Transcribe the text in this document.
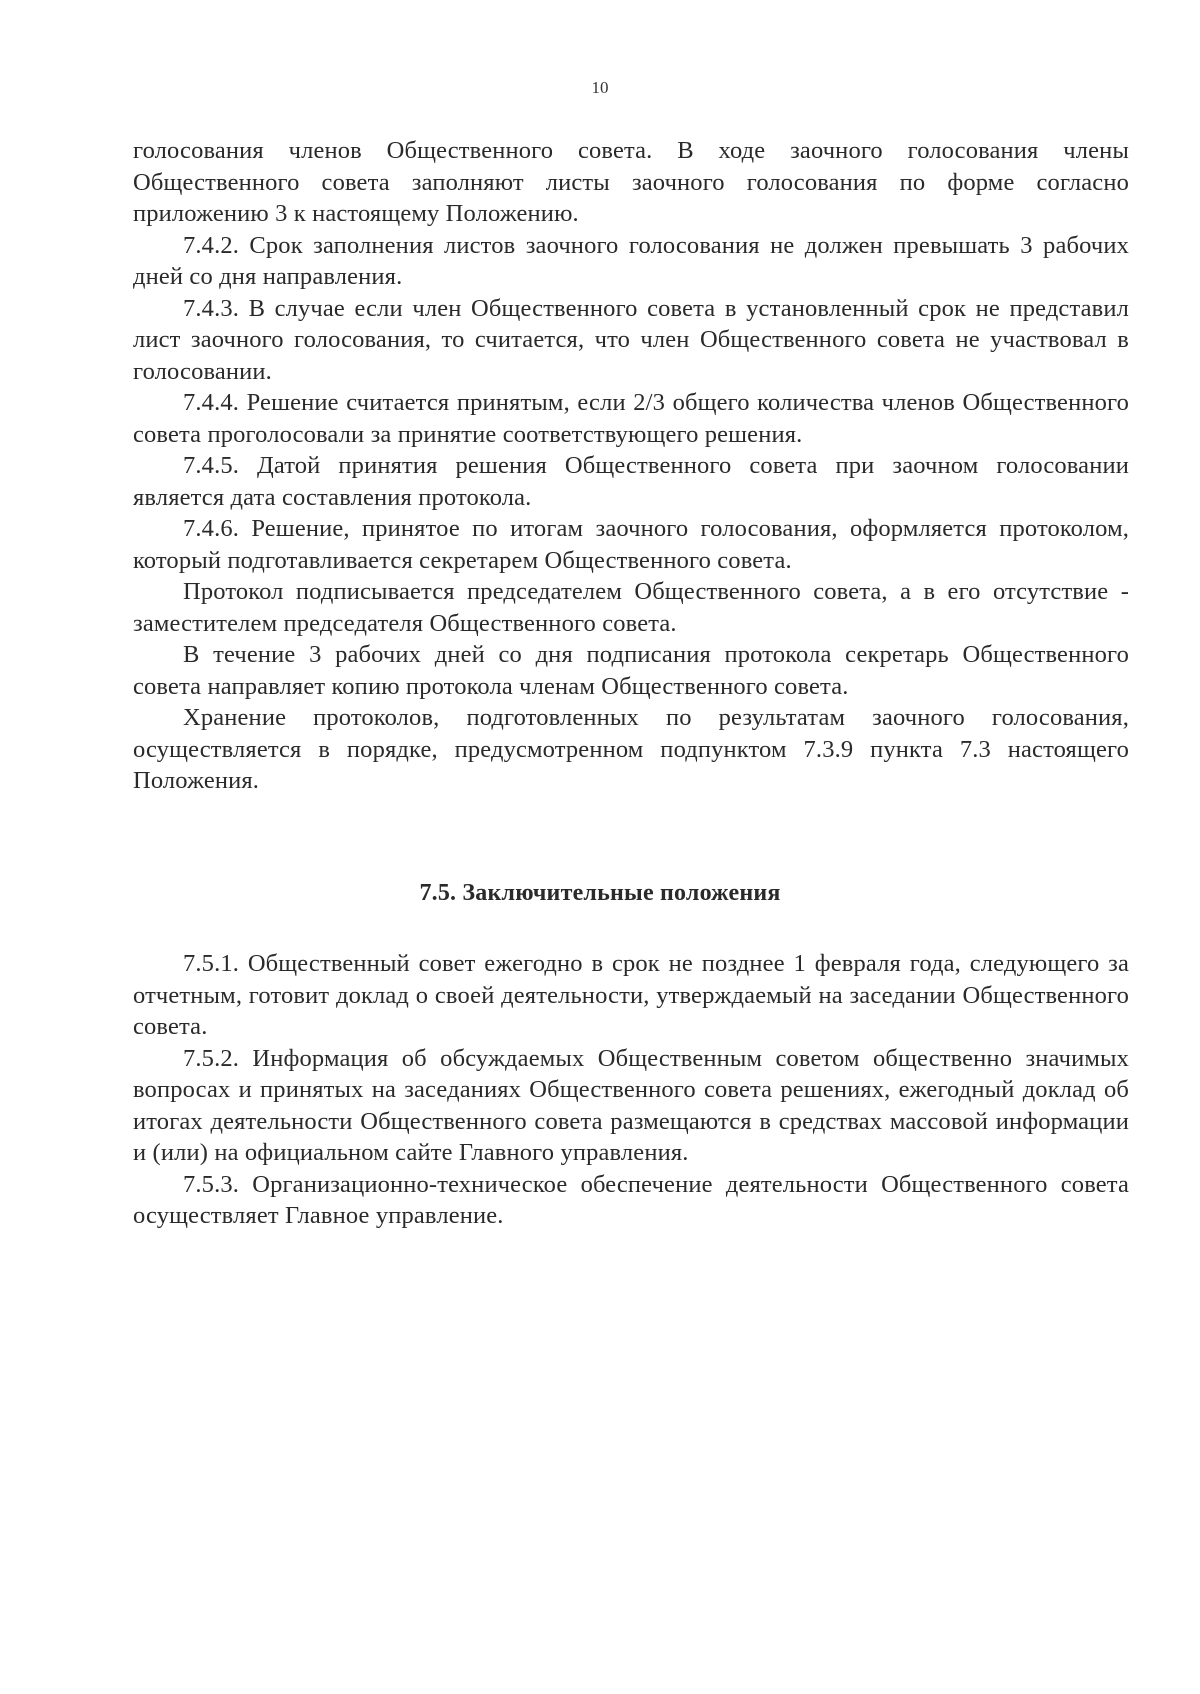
10

голосования членов Общественного совета. В ходе заочного голосования члены Общественного совета заполняют листы заочного голосования по форме согласно приложению 3 к настоящему Положению.

7.4.2. Срок заполнения листов заочного голосования не должен превышать 3 рабочих дней со дня направления.

7.4.3. В случае если член Общественного совета в установленный срок не представил лист заочного голосования, то считается, что член Общественного совета не участвовал в голосовании.

7.4.4. Решение считается принятым, если 2/3 общего количества членов Общественного совета проголосовали за принятие соответствующего решения.

7.4.5. Датой принятия решения Общественного совета при заочном голосовании является дата составления протокола.

7.4.6. Решение, принятое по итогам заочного голосования, оформляется протоколом, который подготавливается секретарем Общественного совета.

Протокол подписывается председателем Общественного совета, а в его отсутствие - заместителем председателя Общественного совета.

В течение 3 рабочих дней со дня подписания протокола секретарь Общественного совета направляет копию протокола членам Общественного совета.

Хранение протоколов, подготовленных по результатам заочного голосования, осуществляется в порядке, предусмотренном подпунктом 7.3.9 пункта 7.3 настоящего Положения.

7.5. Заключительные положения

7.5.1. Общественный совет ежегодно в срок не позднее 1 февраля года, следующего за отчетным, готовит доклад о своей деятельности, утверждаемый на заседании Общественного совета.

7.5.2. Информация об обсуждаемых Общественным советом общественно значимых вопросах и принятых на заседаниях Общественного совета решениях, ежегодный доклад об итогах деятельности Общественного совета размещаются в средствах массовой информации и (или) на официальном сайте Главного управления.

7.5.3. Организационно-техническое обеспечение деятельности Общественного совета осуществляет Главное управление.
